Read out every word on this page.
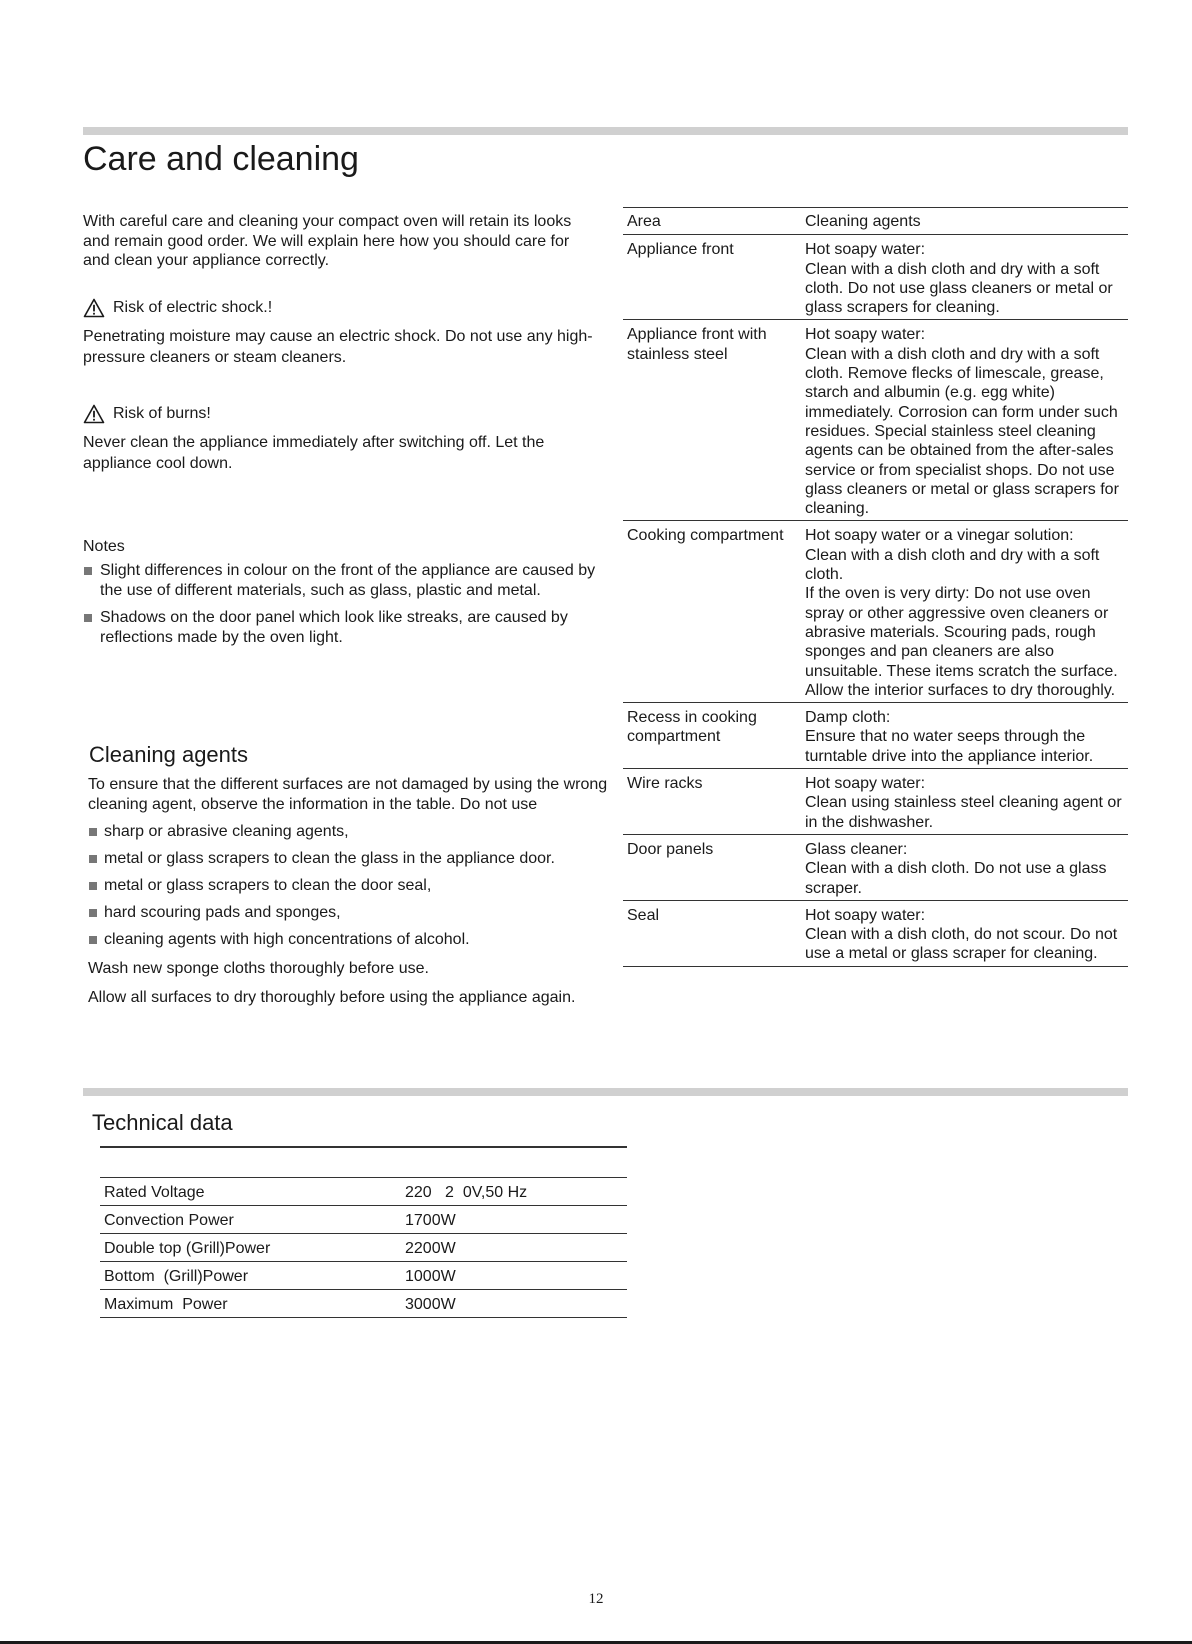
Care and cleaning

With careful care and cleaning your compact oven will retain its looks and remain good order. We will explain here how you should care for and clean your appliance correctly.

Risk of electric shock.!
Penetrating moisture may cause an electric shock. Do not use any high-pressure cleaners or steam cleaners.
Risk of burns!
Never clean the appliance immediately after switching off. Let the appliance cool down.
Notes
Slight differences in colour on the front of the appliance are caused by the use of different materials, such as glass, plastic and metal.
Shadows on the door panel which look like streaks, are caused by reflections made by the oven light.
Cleaning agents

To ensure that the different surfaces are not damaged by using the wrong cleaning agent, observe the information in the table. Do not use

sharp or abrasive cleaning agents,
metal or glass scrapers to clean the glass in the appliance door.
metal or glass scrapers to clean the door seal,
hard scouring pads and sponges,
cleaning agents with high concentrations of alcohol.

Wash new sponge cloths thoroughly before use.

Allow all surfaces to dry thoroughly before using the appliance again.

Area	Cleaning agents
Appliance front	Hot soapy water:
Clean with a dish cloth and dry with a soft cloth. Do not use glass cleaners or metal or glass scrapers for cleaning.

Appliance front with stainless steel	Hot soapy water:
Clean with a dish cloth and dry with a soft cloth. Remove flecks of limescale, grease, starch and albumin (e.g. egg white) immediately. Corrosion can form under such residues. Special stainless steel cleaning agents can be obtained from the after-sales service or from specialist shops. Do not use glass cleaners or metal or glass scrapers for cleaning.

Cooking compartment	Hot soapy water or a vinegar solution:
Clean with a dish cloth and dry with a soft cloth.
If the oven is very dirty: Do not use oven spray or other aggressive oven cleaners or abrasive materials. Scouring pads, rough sponges and pan cleaners are also unsuitable. These items scratch the surface. Allow the interior surfaces to dry thoroughly.

Recess in cooking compartment	Damp cloth:
Ensure that no water seeps through the turntable drive into the appliance interior.

Wire racks	Hot soapy water:
Clean using stainless steel cleaning agent or in the dishwasher.

Door panels	Glass cleaner:
Clean with a dish cloth. Do not use a glass scraper.

Seal	Hot soapy water:
Clean with a dish cloth, do not scour. Do not use a metal or glass scraper for cleaning.
Technical data
Rated Voltage	220   2  0V,50 Hz
Convection Power	1700W
Double top (Grill)Power	2200W
Bottom  (Grill)Power	1000W
Maximum  Power	3000W
12
